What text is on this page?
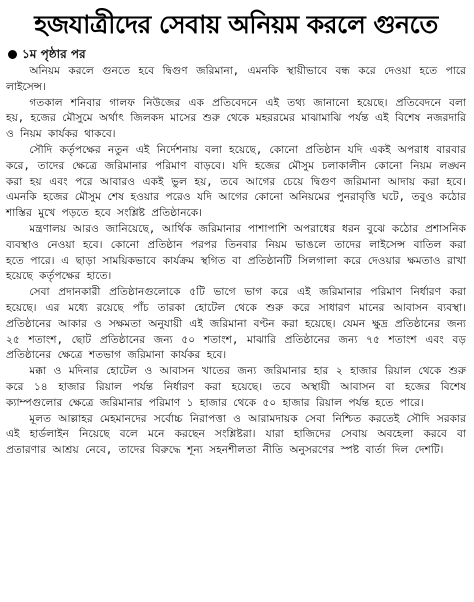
হজযাত্রীদের সেবায় অনিয়ম করলে গুনতে
১ম পৃষ্ঠার পর

অনিয়ম করলে গুনতে হবে দ্বিগুণ জরিমানা, এমনকি স্থায়ীভাবে বন্ধ করে দেওয়া হতে পারে লাইসেন্স।

গতকাল শনিবার গালফ নিউজের এক প্রতিবেদনে এই তথ্য জানানো হয়েছে। প্রতিবেদনে বলা হয়, হজের মৌসুমে অর্থাৎ জিলকদ মাসের শুরু থেকে মহররমের মাঝামাঝি পর্যন্ত এই বিশেষ নজরদারি ও নিয়ম কার্যকর থাকবে।

সৌদি কর্তৃপক্ষের নতুন এই নির্দেশনায় বলা হয়েছে, কোনো প্রতিষ্ঠান যদি একই অপরাধ বারবার করে, তাদের ক্ষেত্রে জরিমানার পরিমাণ বাড়বে। যদি হজের মৌসুম চলাকালীন কোনো নিয়ম লঙ্ঘন করা হয় এবং পরে আবারও একই ভুল হয়, তবে আগের চেয়ে দ্বিগুণ জরিমানা আদায় করা হবে। এমনকি হজের মৌসুম শেষ হওয়ার পরেও যদি আগের কোনো অনিয়মের পুনরাবৃত্তি ঘটে, তবুও কঠোর শাস্তির মুখে পড়তে হবে সংশ্লিষ্ট প্রতিষ্ঠানকে।

মন্ত্রণালয় আরও জানিয়েছে, আর্থিক জরিমানার পাশাপাশি অপরাধের ধরন বুঝে কঠোর প্রশাসনিক ব্যবস্থাও নেওয়া হবে। কোনো প্রতিষ্ঠান পরপর তিনবার নিয়ম ভাঙলে তাদের লাইসেন্স বাতিল করা হতে পারে। এ ছাড়া সাময়িকভাবে কার্যক্রম স্থগিত বা প্রতিষ্ঠানটি সিলগালা করে দেওয়ার ক্ষমতাও রাখা হয়েছে কর্তৃপক্ষের হাতে।

সেবা প্রদানকারী প্রতিষ্ঠানগুলোকে ৫টি ভাগে ভাগ করে এই জরিমানার পরিমাণ নির্ধারণ করা হয়েছে। এর মধ্যে রয়েছে পাঁচ তারকা হোটেল থেকে শুরু করে সাধারণ মানের আবাসন ব্যবস্থা। প্রতিষ্ঠানের আকার ও সক্ষমতা অনুযায়ী এই জরিমানা বণ্টন করা হয়েছে। যেমন ক্ষুদ্র প্রতিষ্ঠানের জন্য ২৫ শতাংশ, ছোট প্রতিষ্ঠানের জন্য ৫০ শতাংশ, মাঝারি প্রতিষ্ঠানের জন্য ৭৫ শতাংশ এবং বড় প্রতিষ্ঠানের ক্ষেত্রে শতভাগ জরিমানা কার্যকর হবে।

মক্কা ও মদিনার হোটেল ও আবাসন খাতের জন্য জরিমানার হার ২ হাজার রিয়াল থেকে শুরু করে ১৪ হাজার রিয়াল পর্যন্ত নির্ধারণ করা হয়েছে। তবে অস্থায়ী আবাসন বা হজের বিশেষ ক্যাম্পগুলোর ক্ষেত্রে জরিমানার পরিমাণ ১ হাজার থেকে ৫০ হাজার রিয়াল পর্যন্ত হতে পারে।

মূলত আল্লাহর মেহমানদের সর্বোচ্চ নিরাপত্তা ও আরামদায়ক সেবা নিশ্চিত করতেই সৌদি সরকার এই হার্ডলাইন নিয়েছে বলে মনে করছেন সংশ্লিষ্টরা। যারা হাজিদের সেবায় অবহেলা করবে বা প্রতারণার আশ্রয় নেবে, তাদের বিরুদ্ধে শূন্য সহনশীলতা নীতি অনুসরণের স্পষ্ট বার্তা দিল দেশটি।
